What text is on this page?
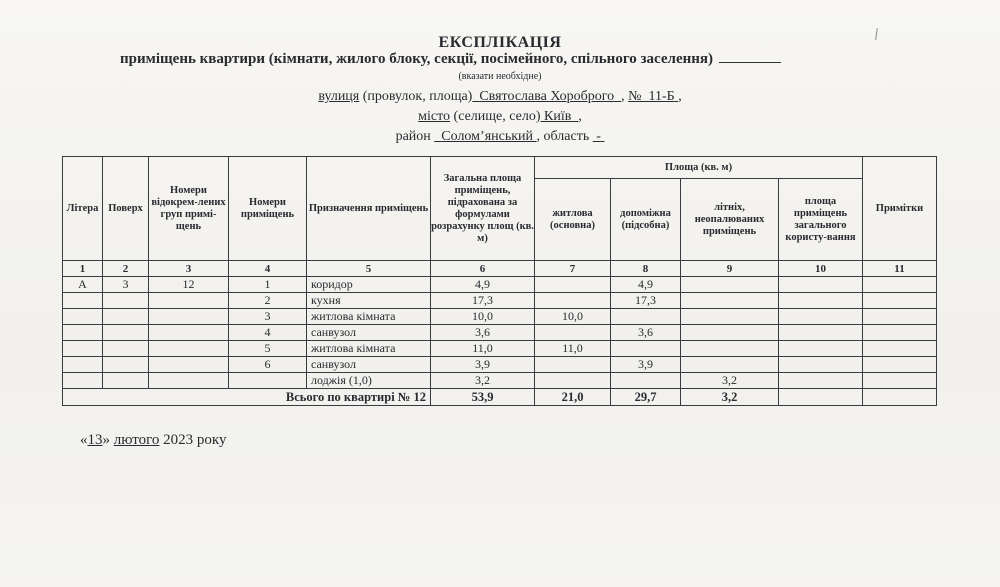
ЕКСПЛІКАЦІЯ
приміщень квартири (кімнати, жилого блоку, секції, посімейного, спільного заселення)
(вказати необхідне)
вулиця (провулок, площа) Святослава Хороброго , № 11-Б ,
місто (селище, село) Київ ,
район Солом’янський , область -
Літера	Поверх	Номери відокрем-лених груп примі-щень	Номери приміщень	Призначення приміщень	Загальна площа приміщень, підрахована за формулами розрахунку площ (кв. м)	Площа (кв. м)				Примітки
						житлова (основна)	допоміжна (підсобна)	літніх, неопалюваних приміщень	площа приміщень загального користу-вання	
1	2	3	4	5	6	7	8	9	10	11
А	3	12	1	коридор	4,9		4,9			
			2	кухня	17,3		17,3			
			3	житлова кімната	10,0	10,0				
			4	санвузол	3,6		3,6			
			5	житлова кімната	11,0	11,0				
			6	санвузол	3,9		3,9			
				лоджія (1,0)	3,2			3,2		
Всього по квартирі № 12					53,9	21,0	29,7	3,2		
«13» лютого 2023 року
